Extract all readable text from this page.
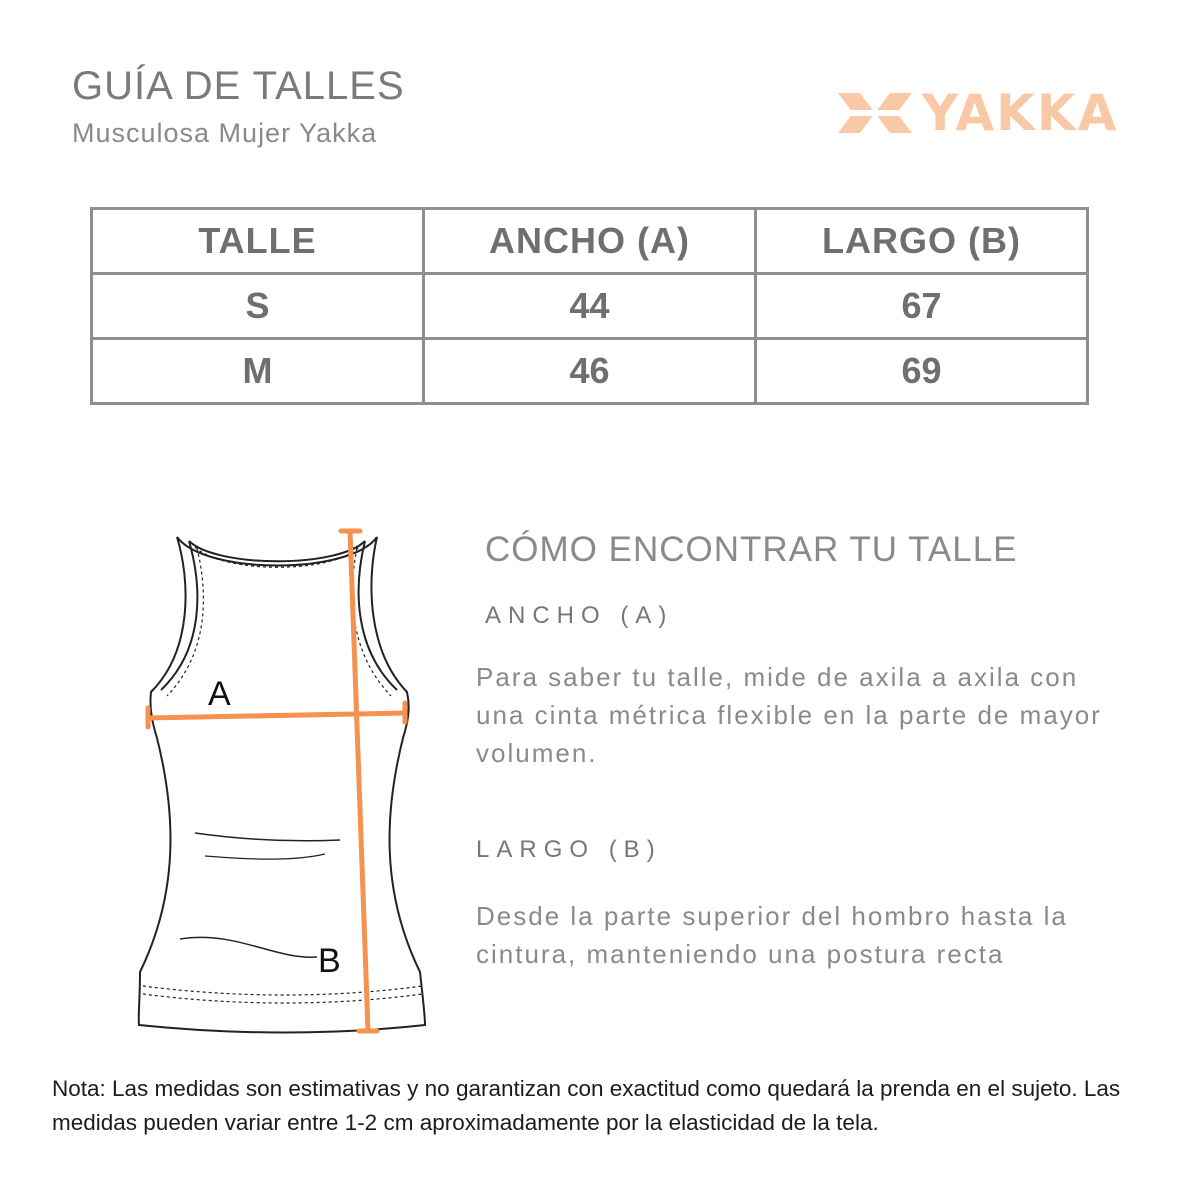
GUÍA DE TALLES
Musculosa Mujer Yakka	YAKKA
TALLE	ANCHO (A)	LARGO (B)
S	44	67
M	46	69
A
B
CÓMO ENCONTRAR TU TALLE
ANCHO (A)

Para saber tu talle, mide de axila a axila con una cinta métrica flexible en la parte de mayor volumen.

LARGO (B)

Desde la parte superior del hombro hasta la cintura, manteniendo una postura recta

Nota: Las medidas son estimativas y no garantizan con exactitud como quedará la prenda en el sujeto. Las medidas pueden variar entre 1-2 cm aproximadamente por la elasticidad de la tela.
